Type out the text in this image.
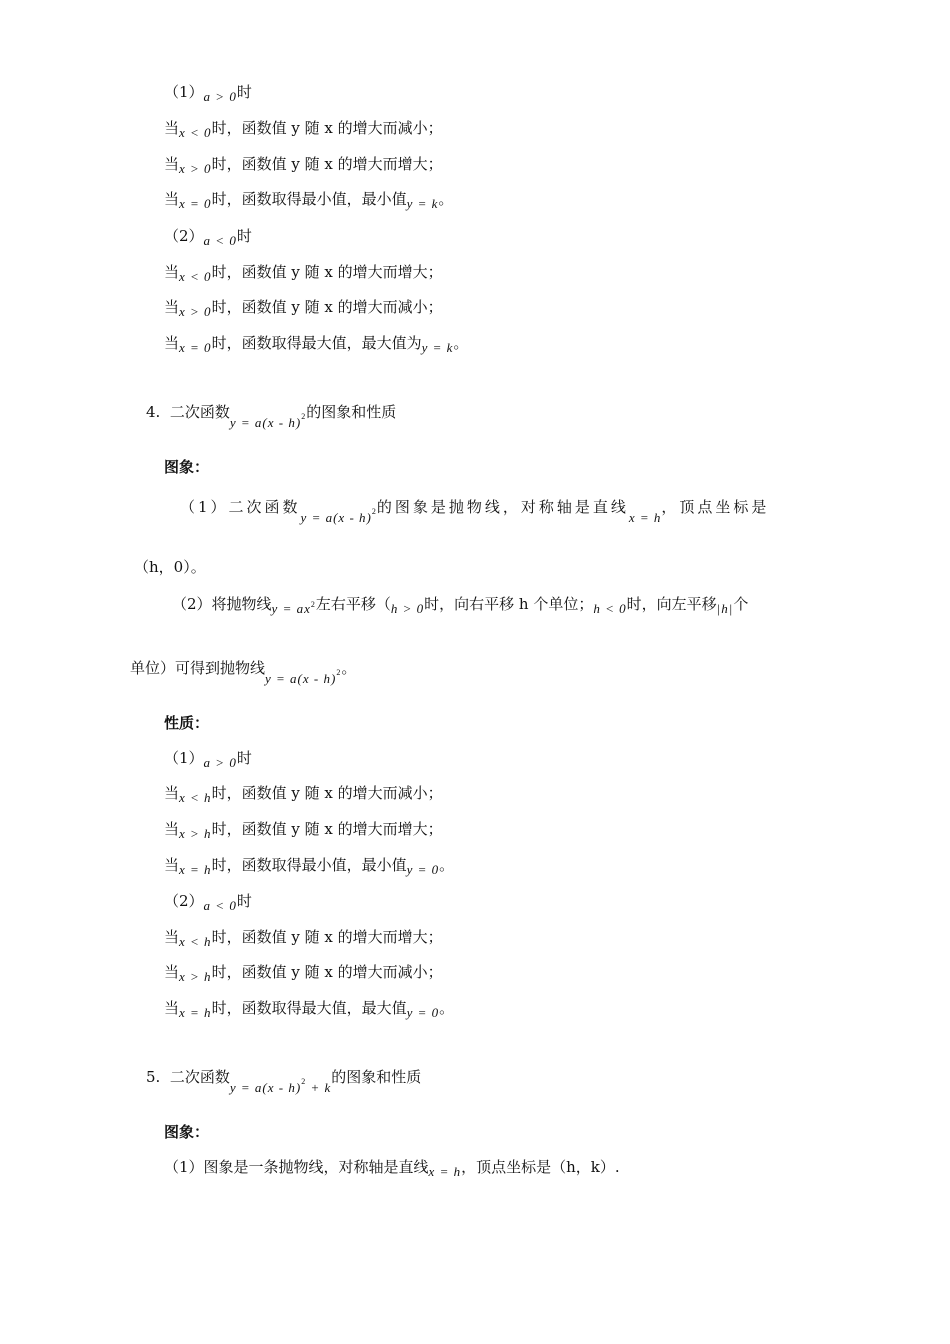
（1）a > 0时
当x < 0时，函数值 y 随 x 的增大而减小；
当x > 0时，函数值 y 随 x 的增大而增大；
当x = 0时，函数取得最小值，最小值y = k。
（2）a < 0时
当x < 0时，函数值 y 随 x 的增大而增大；
当x > 0时，函数值 y 随 x 的增大而减小；
当x = 0时，函数取得最大值，最大值为y = k。
4. 二次函数y = a(x - h)$^2$的图象和性质
图象：
（1）二次函数y = a(x - h)$^2$的图象是抛物线，对称轴是直线x = h，顶点坐标是
（h，0）。
（2）将抛物线$y = ax^2$左右平移（h > 0时，向右平移 h 个单位；h < 0时，向左平移|h|个
单位）可得到抛物线y = a(x - h)$^2$。
性质：
（1）a > 0时
当x < h时，函数值 y 随 x 的增大而减小；
当x > h时，函数值 y 随 x 的增大而增大；
当x = h时，函数取得最小值，最小值y = 0。
（2）a < 0时
当x < h时，函数值 y 随 x 的增大而增大；
当x > h时，函数值 y 随 x 的增大而减小；
当x = h时，函数取得最大值，最大值y = 0。
5. 二次函数y = a(x - h)$^2$ + k的图象和性质
图象：
（1）图象是一条抛物线，对称轴是直线x = h，顶点坐标是（h，k）.
